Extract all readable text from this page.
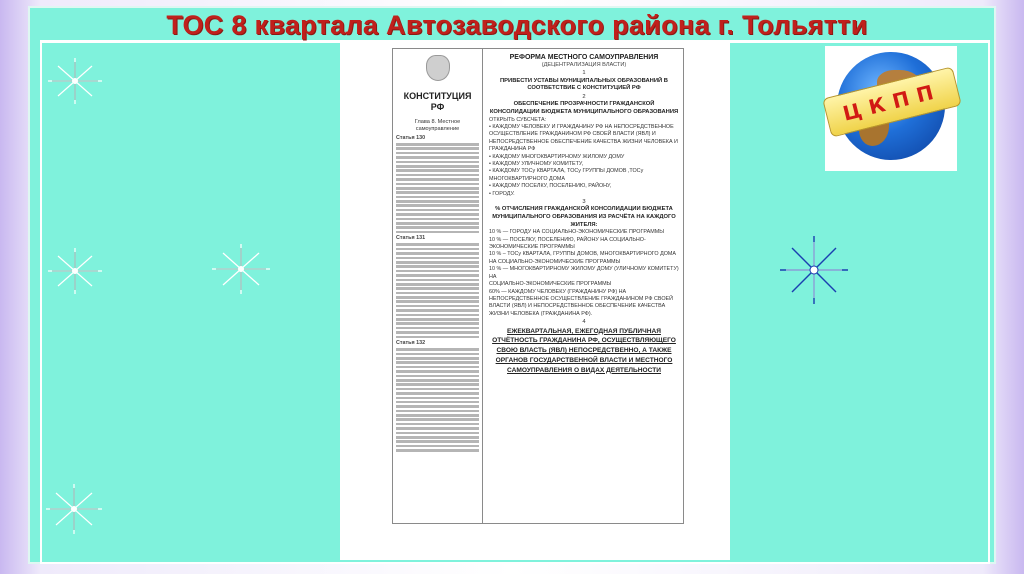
ТОС 8 квартала Автозаводского района г. Тольятти
ЦКПП
КОНСТИТУЦИЯ РФ
Глава 8. Местное самоуправление
Статья 130
Статья 131
Статья 132
РЕФОРМА МЕСТНОГО САМОУПРАВЛЕНИЯ
(ДЕЦЕНТРАЛИЗАЦИЯ ВЛАСТИ)
1
ПРИВЕСТИ УСТАВЫ МУНИЦИПАЛЬНЫХ ОБРАЗОВАНИЙ В СООТВЕТСТВИЕ С КОНСТИТУЦИЕЙ РФ
2
ОБЕСПЕЧЕНИЕ ПРОЗРАЧНОСТИ ГРАЖДАНСКОЙ КОНСОЛИДАЦИИ БЮДЖЕТА МУНИЦИПАЛЬНОГО ОБРАЗОВАНИЯ
ОТКРЫТЬ СУБСЧЕТА:
• КАЖДОМУ ЧЕЛОВЕКУ И ГРАЖДАНИНУ РФ НА НЕПОСРЕДСТВЕННОЕ ОСУЩЕСТВЛЕНИЕ ГРАЖДАНИНОМ РФ СВОЕЙ ВЛАСТИ (ЯВЛ) И НЕПОСРЕДСТВЕННОЕ ОБЕСПЕЧЕНИЕ КАЧЕСТВА ЖИЗНИ ЧЕЛОВЕКА И ГРАЖДАНИНА РФ
• КАЖДОМУ МНОГОКВАРТИРНОМУ ЖИЛОМУ ДОМУ
• КАЖДОМУ УЛИЧНОМУ КОМИТЕТУ,
• КАЖДОМУ ТОСу КВАРТАЛА, ТОСу ГРУППЫ ДОМОВ ,ТОСу МНОГОКВАРТИРНОГО ДОМА
• КАЖДОМУ ПОСЕЛКУ, ПОСЕЛЕНИЮ, РАЙОНУ,
• ГОРОДУ.
3
% ОТЧИСЛЕНИЯ ГРАЖДАНСКОЙ КОНСОЛИДАЦИИ БЮДЖЕТА МУНИЦИПАЛЬНОГО ОБРАЗОВАНИЯ ИЗ РАСЧЁТА НА КАЖДОГО ЖИТЕЛЯ:
10 % — ГОРОДУ НА СОЦИАЛЬНО-ЭКОНОМИЧЕСКИЕ ПРОГРАММЫ
10 % — ПОСЕЛКУ, ПОСЕЛЕНИЮ, РАЙОНУ НА СОЦИАЛЬНО-ЭКОНОМИЧЕСКИЕ ПРОГРАММЫ
10 % – ТОСу КВАРТАЛА, ГРУППЫ ДОМОВ, МНОГОКВАРТИРНОГО ДОМА
НА СОЦИАЛЬНО-ЭКОНОМИЧЕСКИЕ ПРОГРАММЫ
10 % — МНОГОКВАРТИРНОМУ ЖИЛОМУ ДОМУ (УЛИЧНОМУ КОМИТЕТУ) НА
СОЦИАЛЬНО-ЭКОНОМИЧЕСКИЕ ПРОГРАММЫ
60% — КАЖДОМУ ЧЕЛОВЕКУ (ГРАЖДАНИНУ РФ) НА НЕПОСРЕДСТВЕННОЕ ОСУЩЕСТВЛЕНИЕ ГРАЖДАНИНОМ РФ СВОЕЙ ВЛАСТИ (ЯВЛ) И НЕПОСРЕДСТВЕННОЕ ОБЕСПЕЧЕНИЕ КАЧЕСТВА ЖИЗНИ ЧЕЛОВЕКА (ГРАЖДАНИНА РФ).
4
ЕЖЕКВАРТАЛЬНАЯ, ЕЖЕГОДНАЯ ПУБЛИЧНАЯ ОТЧЁТНОСТЬ ГРАЖДАНИНА РФ, ОСУЩЕСТВЛЯЮЩЕГО СВОЮ ВЛАСТЬ (ЯВЛ) НЕПОСРЕДСТВЕННО, А ТАКЖЕ ОРГАНОВ ГОСУДАРСТВЕННОЙ ВЛАСТИ И МЕСТНОГО САМОУПРАВЛЕНИЯ О ВИДАХ ДЕЯТЕЛЬНОСТИ
